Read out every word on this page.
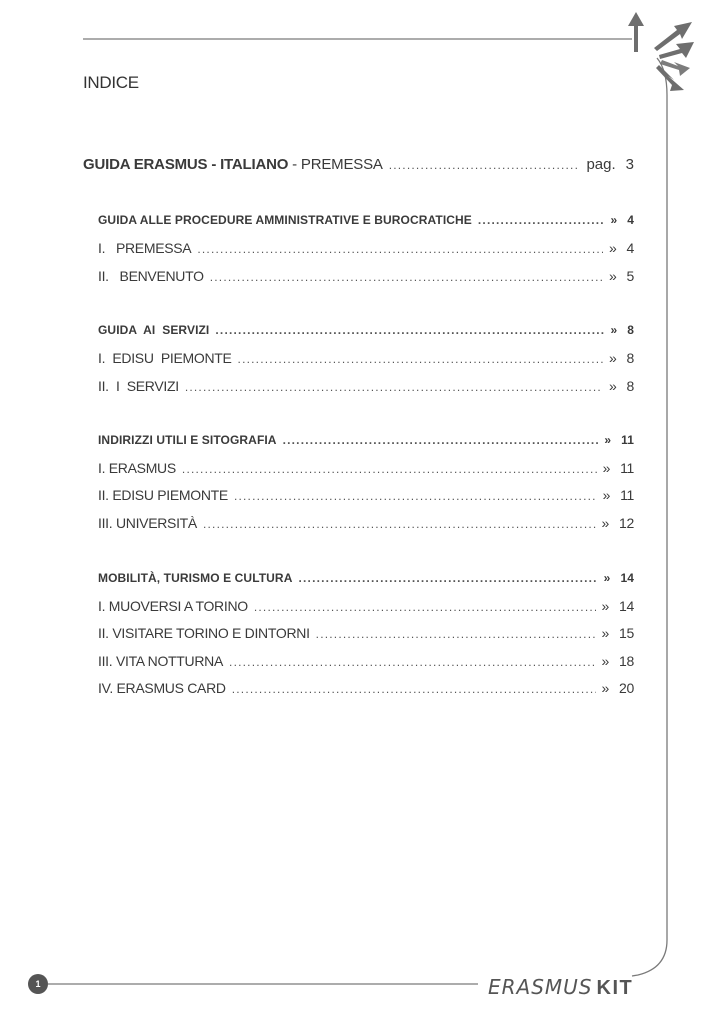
INDICE
GUIDA ERASMUS - ITALIANO - PREMESSA .....	pag. 3
GUIDA ALLE PROCEDURE AMMINISTRATIVE E BUROCRATICHE .....	» 4
I.   PREMESSA .....	» 4
II.   BENVENUTO .....	» 5
GUIDA  AI  SERVIZI .....	» 8
I.  EDISU  PIEMONTE .....	» 8
II.  I  SERVIZI .....	» 8
INDIRIZZI UTILI E SITOGRAFIA .....	» 11
I. ERASMUS .....	» 11
II. EDISU PIEMONTE .....	» 11
III. UNIVERSITÀ .....	» 12
MOBILITÀ, TURISMO E CULTURA .....	» 14
I. MUOVERSI A TORINO .....	» 14
II. VISITARE TORINO E DINTORNI .....	» 15
III. VITA NOTTURNA .....	» 18
IV. ERASMUS CARD .....	» 20
1	ERASMUS KIT
